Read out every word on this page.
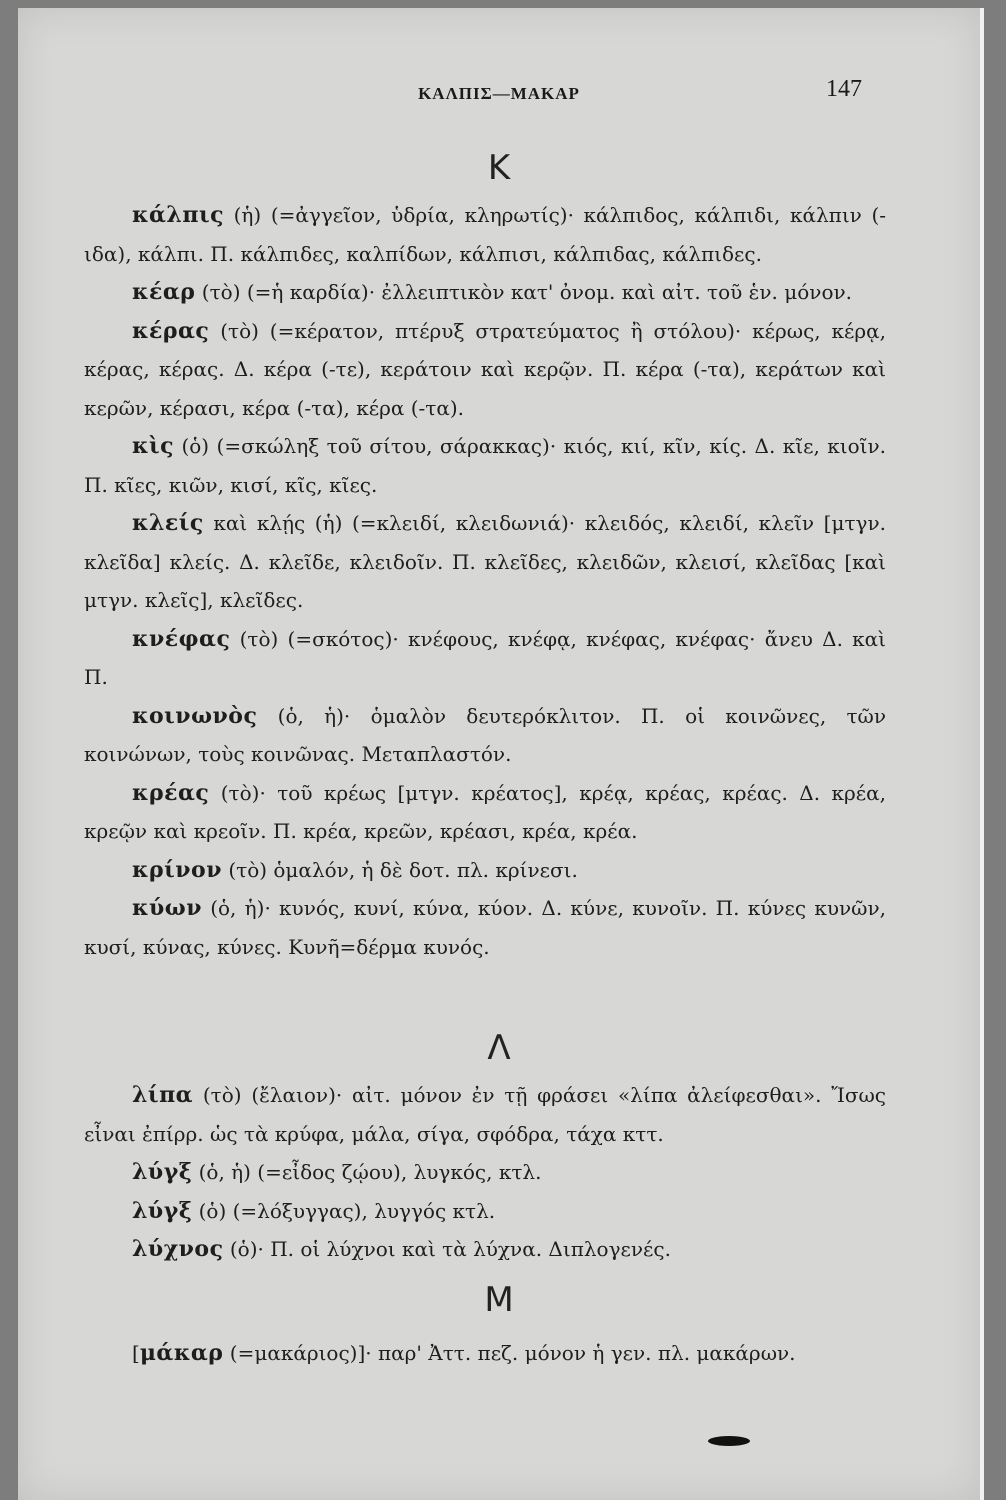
ΚΑΛΠΙΣ—ΜΑΚΑΡ	147
Κ

κάλπις (ἡ) (=ἀγγεῖον, ὑδρία, κληρωτίς)· κάλπιδος, κάλπιδι, κάλπιν (-ιδα), κάλπι. Π. κάλπιδες, καλπίδων, κάλπισι, κάλπιδας, κάλπιδες.

κέαρ (τὸ) (=ἡ καρδία)· ἐλλειπτικὸν κατ' ὀνομ. καὶ αἰτ. τοῦ ἑν. μόνον.

κέρας (τὸ) (=κέρατον, πτέρυξ στρατεύματος ἢ στόλου)· κέρως, κέρᾳ, κέρας, κέρας. Δ. κέρα (-τε), κεράτοιν καὶ κερῷν. Π. κέρα (-τα), κεράτων καὶ κερῶν, κέρασι, κέρα (-τα), κέρα (-τα).

κὶς (ὁ) (=σκώληξ τοῦ σίτου, σάρακκας)· κιός, κιί, κῖν, κίς. Δ. κῖε, κιοῖν. Π. κῖες, κιῶν, κισί, κῖς, κῖες.

κλείς καὶ κλῄς (ἡ) (=κλειδί, κλειδωνιά)· κλειδός, κλειδί, κλεῖν [μτγν. κλεῖδα] κλείς. Δ. κλεῖδε, κλειδοῖν. Π. κλεῖδες, κλειδῶν, κλεισί, κλεῖδας [καὶ μτγν. κλεῖς], κλεῖδες.

κνέφας (τὸ) (=σκότος)· κνέφους, κνέφᾳ, κνέφας, κνέφας· ἄνευ Δ. καὶ Π.

κοινωνὸς (ὁ, ἡ)· ὁμαλὸν δευτερόκλιτον. Π. οἱ κοινῶνες, τῶν κοινώνων, τοὺς κοινῶνας. Μεταπλαστόν.

κρέας (τὸ)· τοῦ κρέως [μτγν. κρέατος], κρέᾳ, κρέας, κρέας. Δ. κρέα, κρεῷν καὶ κρεοῖν. Π. κρέα, κρεῶν, κρέασι, κρέα, κρέα.

κρίνον (τὸ) ὁμαλόν, ἡ δὲ δοτ. πλ. κρίνεσι.

κύων (ὁ, ἡ)· κυνός, κυνί, κύνα, κύον. Δ. κύνε, κυνοῖν. Π. κύνες κυνῶν, κυσί, κύνας, κύνες. Κυνῆ=δέρμα κυνός.

Λ

λίπα (τὸ) (ἔλαιον)· αἰτ. μόνον ἐν τῇ φράσει «λίπα ἀλείφεσθαι». Ἴσως εἶναι ἐπίρρ. ὡς τὰ κρύφα, μάλα, σίγα, σφόδρα, τάχα κττ.

λύγξ (ὁ, ἡ) (=εἶδος ζῴου), λυγκός, κτλ.

λύγξ (ὁ) (=λόξυγγας), λυγγός κτλ.

λύχνος (ὁ)· Π. οἱ λύχνοι καὶ τὰ λύχνα. Διπλογενές.

Μ

[μάκαρ (=μακάριος)]· παρ' Ἀττ. πεζ. μόνον ἡ γεν. πλ. μακάρων.
